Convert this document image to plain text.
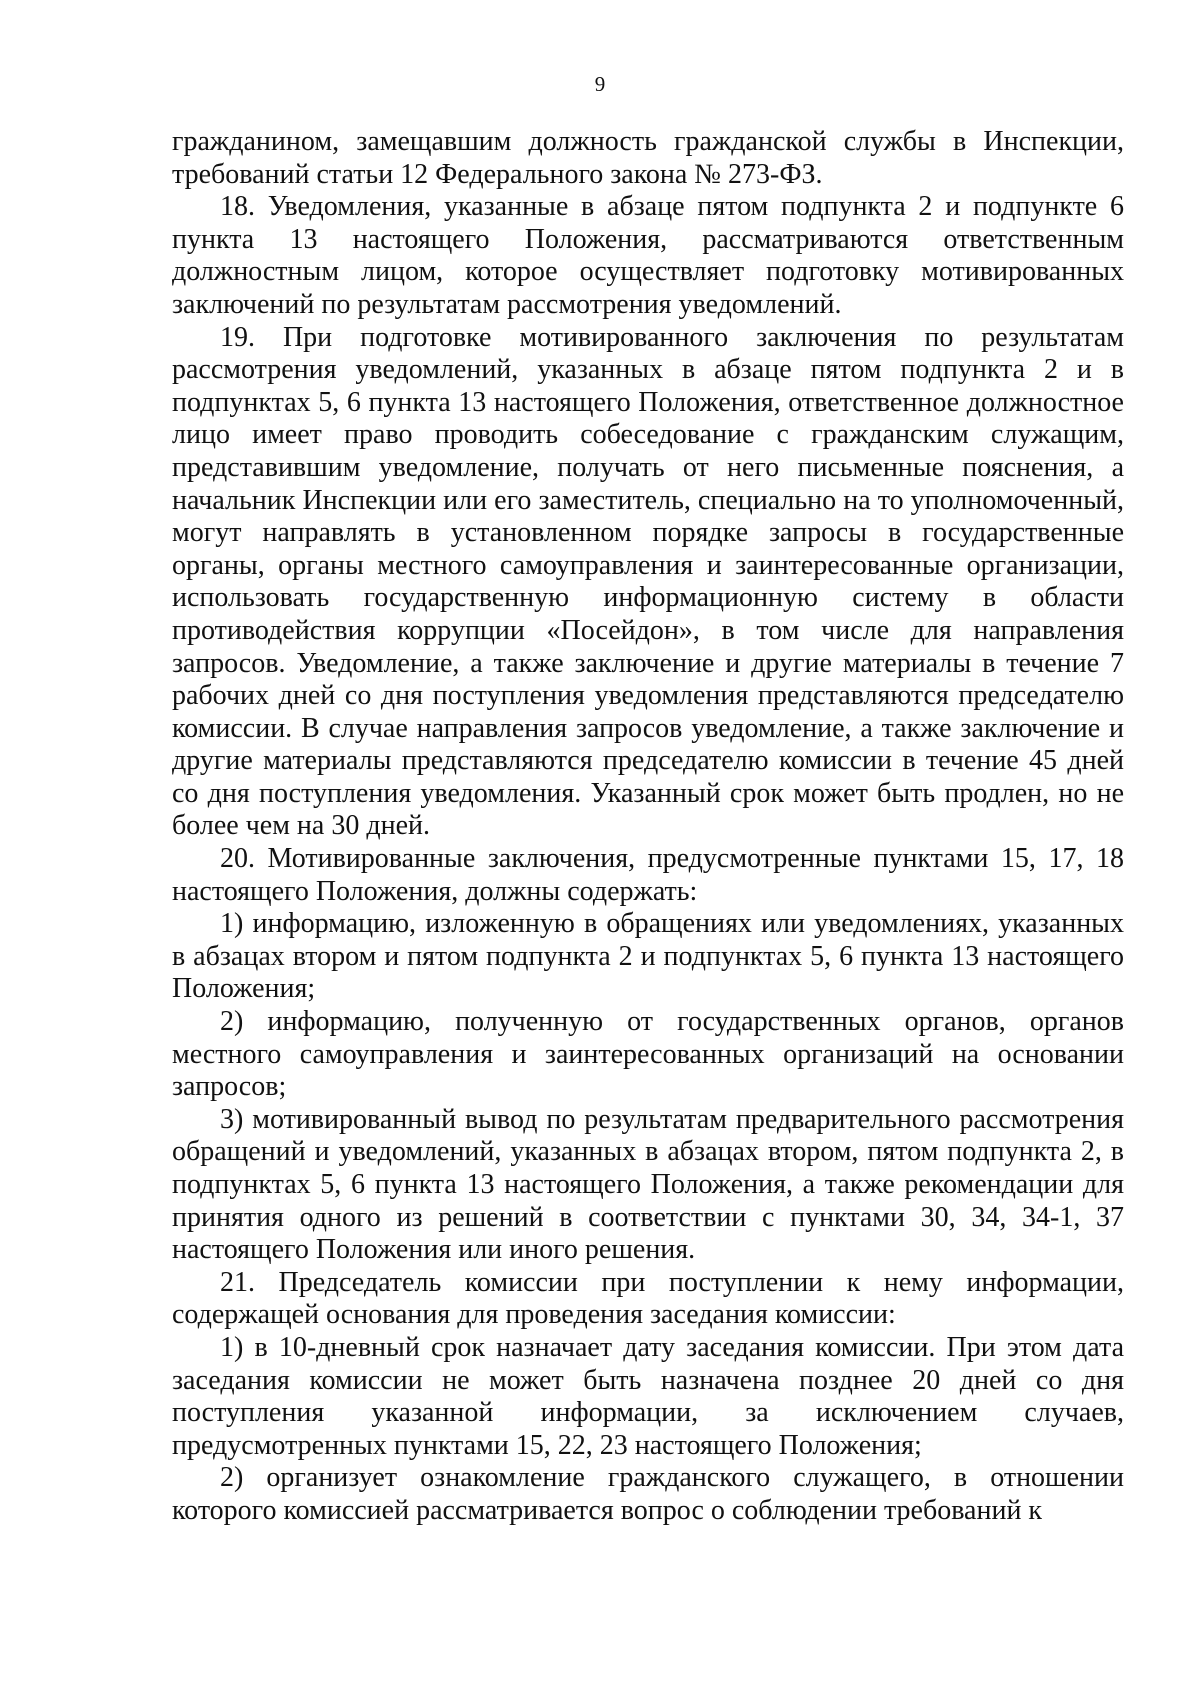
9

гражданином, замещавшим должность гражданской службы в Инспекции, требований статьи 12 Федерального закона № 273-ФЗ.

18. Уведомления, указанные в абзаце пятом подпункта 2 и подпункте 6 пункта 13 настоящего Положения, рассматриваются ответственным должностным лицом, которое осуществляет подготовку мотивированных заключений по результатам рассмотрения уведомлений.

19. При подготовке мотивированного заключения по результатам рассмотрения уведомлений, указанных в абзаце пятом подпункта 2 и в подпунктах 5, 6 пункта 13 настоящего Положения, ответственное должностное лицо имеет право проводить собеседование с гражданским служащим, представившим уведомление, получать от него письменные пояснения, а начальник Инспекции или его заместитель, специально на то уполномоченный, могут направлять в установленном порядке запросы в государственные органы, органы местного самоуправления и заинтересованные организации, использовать государственную информационную систему в области противодействия коррупции «Посейдон», в том числе для направления запросов. Уведомление, а также заключение и другие материалы в течение 7 рабочих дней со дня поступления уведомления представляются председателю комиссии. В случае направления запросов уведомление, а также заключение и другие материалы представляются председателю комиссии в течение 45 дней со дня поступления уведомления. Указанный срок может быть продлен, но не более чем на 30 дней.

20. Мотивированные заключения, предусмотренные пунктами 15, 17, 18 настоящего Положения, должны содержать:

1) информацию, изложенную в обращениях или уведомлениях, указанных в абзацах втором и пятом подпункта 2 и подпунктах 5, 6 пункта 13 настоящего Положения;

2) информацию, полученную от государственных органов, органов местного самоуправления и заинтересованных организаций на основании запросов;

3) мотивированный вывод по результатам предварительного рассмотрения обращений и уведомлений, указанных в абзацах втором, пятом подпункта 2, в подпунктах 5, 6 пункта 13 настоящего Положения, а также рекомендации для принятия одного из решений в соответствии с пунктами 30, 34, 34-1, 37 настоящего Положения или иного решения.

21. Председатель комиссии при поступлении к нему информации, содержащей основания для проведения заседания комиссии:

1) в 10-дневный срок назначает дату заседания комиссии. При этом дата заседания комиссии не может быть назначена позднее 20 дней со дня поступления указанной информации, за исключением случаев, предусмотренных пунктами 15, 22, 23 настоящего Положения;

2) организует ознакомление гражданского служащего, в отношении которого комиссией рассматривается вопрос о соблюдении требований к
